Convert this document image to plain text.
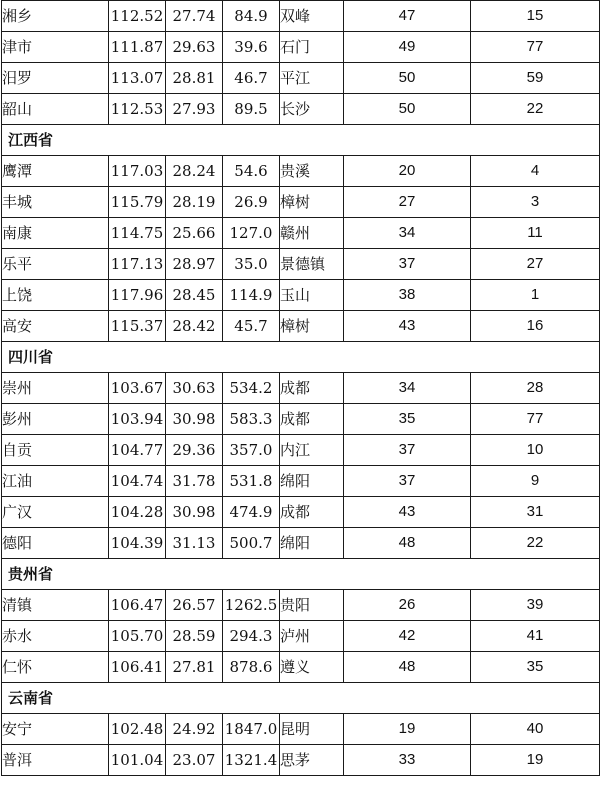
湘乡	112.52	27.74	84.9	双峰	47	15
津市	111.87	29.63	39.6	石门	49	77
汨罗	113.07	28.81	46.7	平江	50	59
韶山	112.53	27.93	89.5	长沙	50	22
江西省						
鹰潭	117.03	28.24	54.6	贵溪	20	4
丰城	115.79	28.19	26.9	樟树	27	3
南康	114.75	25.66	127.0	赣州	34	11
乐平	117.13	28.97	35.0	景德镇	37	27
上饶	117.96	28.45	114.9	玉山	38	1
高安	115.37	28.42	45.7	樟树	43	16
四川省						
崇州	103.67	30.63	534.2	成都	34	28
彭州	103.94	30.98	583.3	成都	35	77
自贡	104.77	29.36	357.0	内江	37	10
江油	104.74	31.78	531.8	绵阳	37	9
广汉	104.28	30.98	474.9	成都	43	31
德阳	104.39	31.13	500.7	绵阳	48	22
贵州省						
清镇	106.47	26.57	1262.5	贵阳	26	39
赤水	105.70	28.59	294.3	泸州	42	41
仁怀	106.41	27.81	878.6	遵义	48	35
云南省						
安宁	102.48	24.92	1847.0	昆明	19	40
普洱	101.04	23.07	1321.4	思茅	33	19
